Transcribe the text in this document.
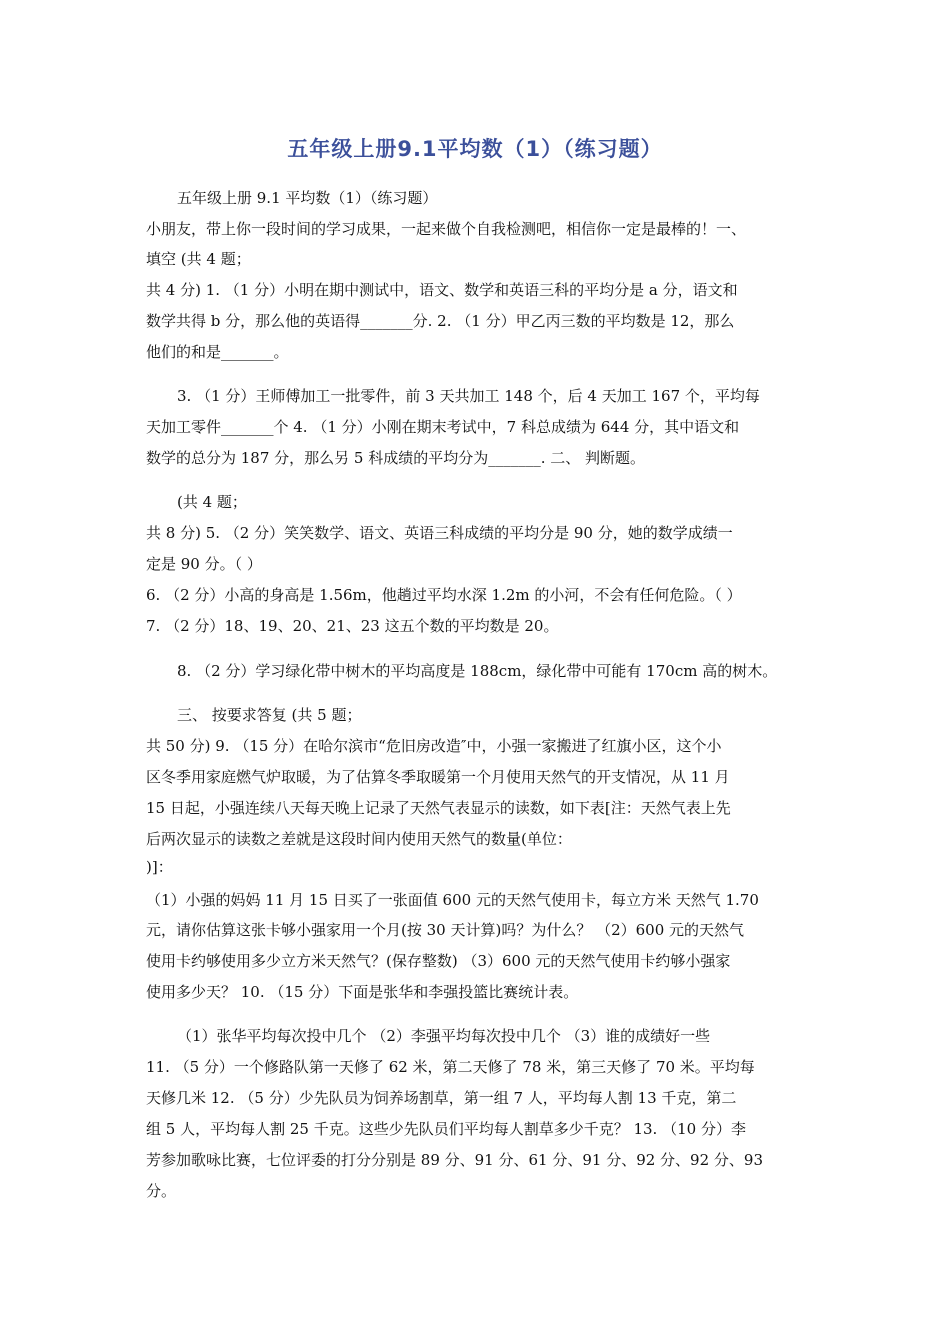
五年级上册9.1平均数（1）（练习题）
五年级上册 9.1 平均数（1）（练习题）
小朋友，带上你一段时间的学习成果，一起来做个自我检测吧，相信你一定是最棒的！一、
填空 (共 4 题；
共 4 分) 1. （1 分）小明在期中测试中，语文、数学和英语三科的平均分是 a 分，语文和
数学共得 b 分，那么他的英语得_______分. 2. （1 分）甲乙丙三数的平均数是 12，那么
他们的和是_______。
3. （1 分）王师傅加工一批零件，前 3 天共加工 148 个，后 4 天加工 167 个，平均每
天加工零件_______个 4. （1 分）小刚在期末考试中，7 科总成绩为 644 分，其中语文和
数学的总分为 187 分，那么另 5 科成绩的平均分为_______. 二、 判断题。
(共 4 题；
共 8 分) 5. （2 分）笑笑数学、语文、英语三科成绩的平均分是 90 分，她的数学成绩一
定是 90 分。（ ）
6. （2 分）小高的身高是 1.56m，他趟过平均水深 1.2m 的小河，不会有任何危险。（ ）
7. （2 分）18、19、20、21、23 这五个数的平均数是 20。
8. （2 分）学习绿化带中树木的平均高度是 188cm，绿化带中可能有 170cm 高的树木。
三、 按要求答复 (共 5 题；
共 50 分) 9. （15 分）在哈尔滨市“危旧房改造″中，小强一家搬进了红旗小区，这个小
区冬季用家庭燃气炉取暖，为了估算冬季取暖第一个月使用天然气的开支情况，从 11 月
15 日起，小强连续八天每天晚上记录了天然气表显示的读数，如下表[注：天然气表上先
后两次显示的读数之差就是这段时间内使用天然气的数量(单位：
)]：
（1）小强的妈妈 11 月 15 日买了一张面值 600 元的天然气使用卡，每立方米 天然气 1.70
元，请你估算这张卡够小强家用一个月(按 30 天计算)吗？为什么？ （2）600 元的天然气
使用卡约够使用多少立方米天然气？(保存整数) （3）600 元的天然气使用卡约够小强家
使用多少天？ 10. （15 分）下面是张华和李强投篮比赛统计表。
（1）张华平均每次投中几个 （2）李强平均每次投中几个 （3）谁的成绩好一些
11. （5 分）一个修路队第一天修了 62 米，第二天修了 78 米，第三天修了 70 米。平均每
天修几米 12. （5 分）少先队员为饲养场割草，第一组 7 人，平均每人割 13 千克，第二
组 5 人，平均每人割 25 千克。这些少先队员们平均每人割草多少千克？ 13. （10 分）李
芳参加歌咏比赛，七位评委的打分分别是 89 分、91 分、61 分、91 分、92 分、92 分、93
分。
